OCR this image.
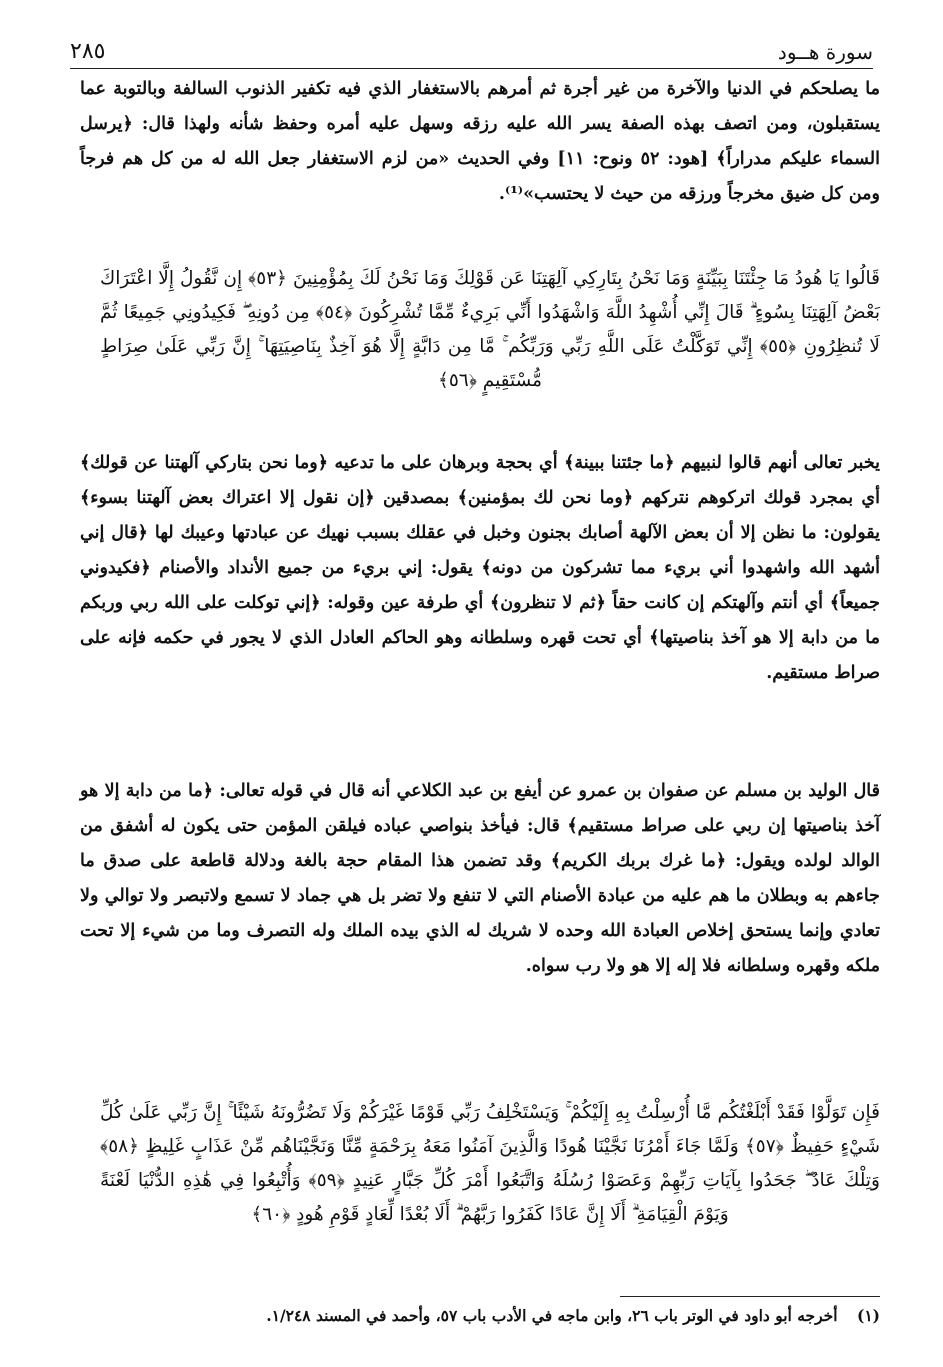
٢٨٥	سورة هــود

ما يصلحكم في الدنيا والآخرة من غير أجرة ثم أمرهم بالاستغفار الذي فيه تكفير الذنوب السالفة وبالتوبة عما يستقبلون، ومن اتصف بهذه الصفة يسر الله عليه رزقه وسهل عليه أمره وحفظ شأنه ولهذا قال: ﴿يرسل السماء عليكم مدراراً﴾ [هود: ٥٢ ونوح: ١١] وفي الحديث «من لزم الاستغفار جعل الله له من كل هم فرجاً ومن كل ضيق مخرجاً ورزقه من حيث لا يحتسب»⁽¹⁾.

قَالُوا يَا هُودُ مَا جِئْتَنَا بِبَيِّنَةٍ وَمَا نَحْنُ بِتَارِكِي آلِهَتِنَا عَن قَوْلِكَ وَمَا نَحْنُ لَكَ بِمُؤْمِنِينَ ﴿٥٣﴾ إِن نَّقُولُ إِلَّا اعْتَرَاكَ بَعْضُ آلِهَتِنَا بِسُوءٍ ۗ قَالَ إِنِّي أُشْهِدُ اللَّهَ وَاشْهَدُوا أَنِّي بَرِيءٌ مِّمَّا تُشْرِكُونَ ﴿٥٤﴾ مِن دُونِهِ ۖ فَكِيدُونِي جَمِيعًا ثُمَّ لَا تُنظِرُونِ ﴿٥٥﴾ إِنِّي تَوَكَّلْتُ عَلَى اللَّهِ رَبِّي وَرَبِّكُم ۚ مَّا مِن دَابَّةٍ إِلَّا هُوَ آخِذٌ بِنَاصِيَتِهَا ۚ إِنَّ رَبِّي عَلَىٰ صِرَاطٍ مُّسْتَقِيمٍ ﴿٥٦﴾

يخبر تعالى أنهم قالوا لنبيهم ﴿ما جئتنا ببينة﴾ أي بحجة وبرهان على ما تدعيه ﴿وما نحن بتاركي آلهتنا عن قولك﴾ أي بمجرد قولك اتركوهم نتركهم ﴿وما نحن لك بمؤمنين﴾ بمصدقين ﴿إن نقول إلا اعتراك بعض آلهتنا بسوء﴾ يقولون: ما نظن إلا أن بعض الآلهة أصابك بجنون وخبل في عقلك بسبب نهيك عن عبادتها وعيبك لها ﴿قال إني أشهد الله واشهدوا أني بريء مما تشركون من دونه﴾ يقول: إني بريء من جميع الأنداد والأصنام ﴿فكيدوني جميعاً﴾ أي أنتم وآلهتكم إن كانت حقاً ﴿ثم لا تنظرون﴾ أي طرفة عين وقوله: ﴿إني توكلت على الله ربي وربكم ما من دابة إلا هو آخذ بناصيتها﴾ أي تحت قهره وسلطانه وهو الحاكم العادل الذي لا يجور في حكمه فإنه على صراط مستقيم.

قال الوليد بن مسلم عن صفوان بن عمرو عن أيفع بن عبد الكلاعي أنه قال في قوله تعالى: ﴿ما من دابة إلا هو آخذ بناصيتها إن ربي على صراط مستقيم﴾ قال: فيأخذ بنواصي عباده فيلقن المؤمن حتى يكون له أشفق من الوالد لولده ويقول: ﴿ما غرك بربك الكريم﴾ وقد تضمن هذا المقام حجة بالغة ودلالة قاطعة على صدق ما جاءهم به وبطلان ما هم عليه من عبادة الأصنام التي لا تنفع ولا تضر بل هي جماد لا تسمع ولاتبصر ولا توالي ولا تعادي وإنما يستحق إخلاص العبادة الله وحده لا شريك له الذي بيده الملك وله التصرف وما من شيء إلا تحت ملكه وقهره وسلطانه فلا إله إلا هو ولا رب سواه.

فَإِن تَوَلَّوْا فَقَدْ أَبْلَغْتُكُم مَّا أُرْسِلْتُ بِهِ إِلَيْكُمْ ۚ وَيَسْتَخْلِفُ رَبِّي قَوْمًا غَيْرَكُمْ وَلَا تَضُرُّونَهُ شَيْئًا ۚ إِنَّ رَبِّي عَلَىٰ كُلِّ شَيْءٍ حَفِيظٌ ﴿٥٧﴾ وَلَمَّا جَاءَ أَمْرُنَا نَجَّيْنَا هُودًا وَالَّذِينَ آمَنُوا مَعَهُ بِرَحْمَةٍ مِّنَّا وَنَجَّيْنَاهُم مِّنْ عَذَابٍ غَلِيظٍ ﴿٥٨﴾ وَتِلْكَ عَادٌ ۖ جَحَدُوا بِآيَاتِ رَبِّهِمْ وَعَصَوْا رُسُلَهُ وَاتَّبَعُوا أَمْرَ كُلِّ جَبَّارٍ عَنِيدٍ ﴿٥٩﴾ وَأُتْبِعُوا فِي هَٰذِهِ الدُّنْيَا لَعْنَةً وَيَوْمَ الْقِيَامَةِ ۗ أَلَا إِنَّ عَادًا كَفَرُوا رَبَّهُمْ ۗ أَلَا بُعْدًا لِّعَادٍ قَوْمِ هُودٍ ﴿٦٠﴾

(١) أخرجه أبو داود في الوتر باب ٢٦، وابن ماجه في الأدب باب ٥٧، وأحمد في المسند ١/٢٤٨.
